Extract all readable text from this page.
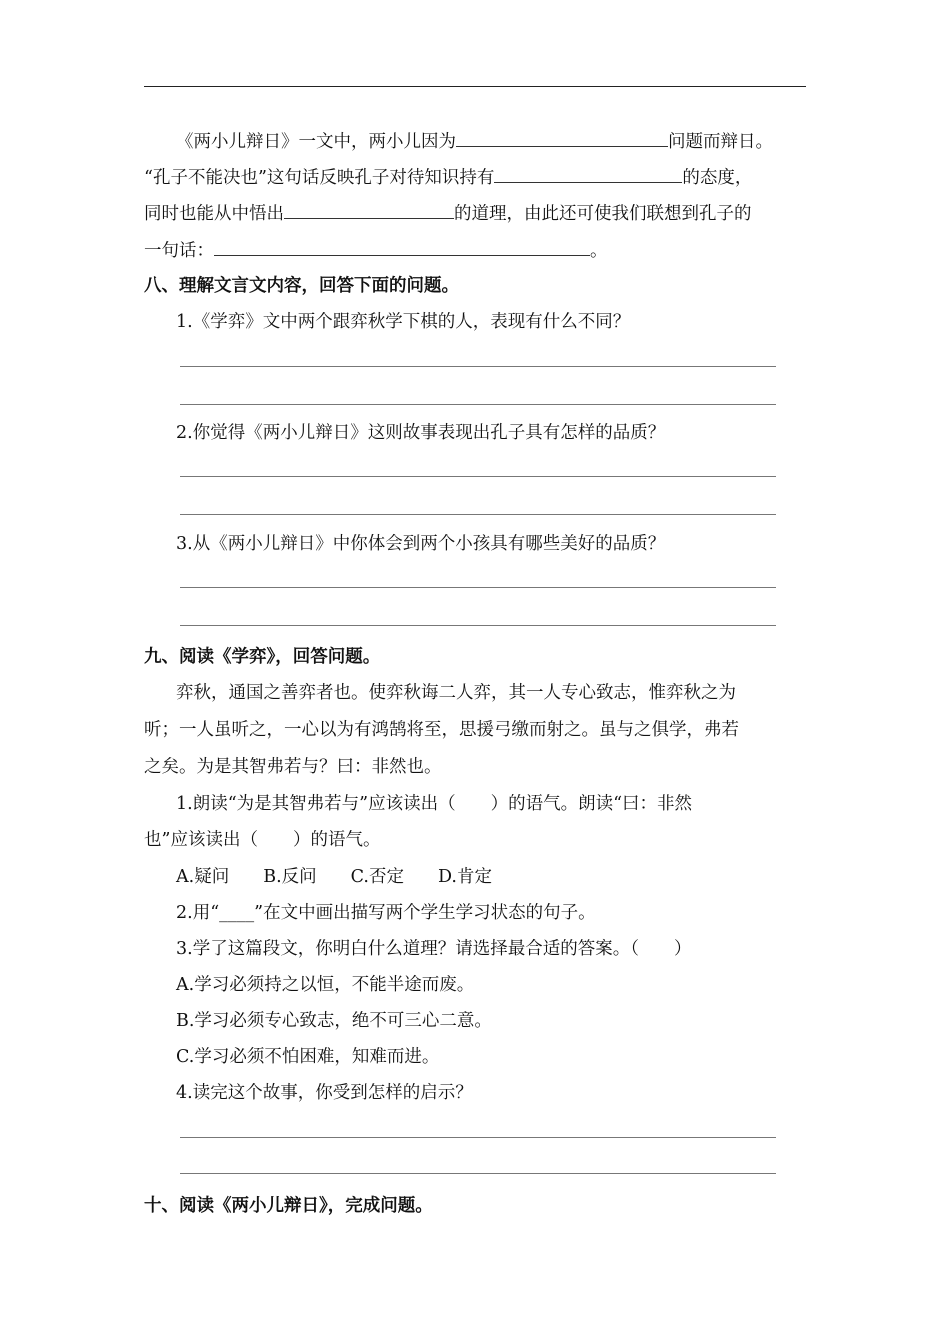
《两小儿辩日》一文中，两小儿因为	问题而辩日。
“孔子不能决也”这句话反映孔子对待知识持有	的态度，
同时也能从中悟出	的道理，由此还可使我们联想到孔子的
一句话：	。
八、理解文言文内容，回答下面的问题。
1.《学弈》文中两个跟弈秋学下棋的人，表现有什么不同？
2.你觉得《两小儿辩日》这则故事表现出孔子具有怎样的品质？
3.从《两小儿辩日》中你体会到两个小孩具有哪些美好的品质？
九、阅读《学弈》，回答问题。
弈秋，通国之善弈者也。使弈秋诲二人弈，其一人专心致志，惟弈秋之为
听；一人虽听之，一心以为有鸿鹄将至，思援弓缴而射之。虽与之俱学，弗若
之矣。为是其智弗若与？曰：非然也。
1.朗读“为是其智弗若与”应该读出（　　）的语气。朗读“曰：非然
也”应该读出（　　）的语气。
A.疑问 B.反问 C.否定 D.肯定
2.用“____”在文中画出描写两个学生学习状态的句子。
3.学了这篇段文，你明白什么道理？请选择最合适的答案。（　　）
A.学习必须持之以恒，不能半途而废。
B.学习必须专心致志，绝不可三心二意。
C.学习必须不怕困难，知难而进。
4.读完这个故事，你受到怎样的启示？
十、阅读《两小儿辩日》，完成问题。
